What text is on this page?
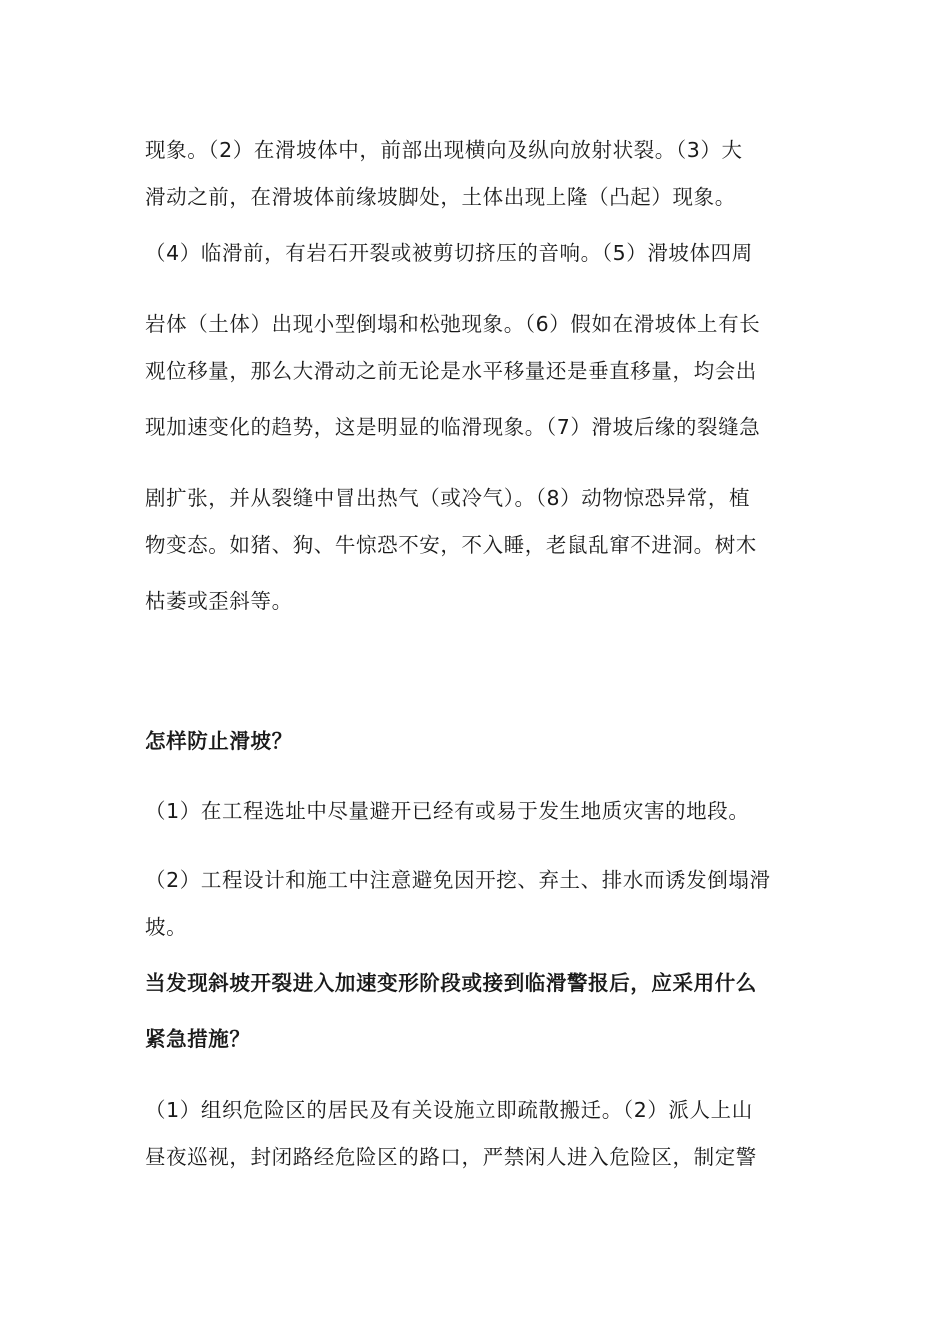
现象。（2）在滑坡体中，前部出现横向及纵向放射状裂。（3）大
滑动之前，在滑坡体前缘坡脚处，土体出现上隆（凸起）现象。
（4）临滑前，有岩石开裂或被剪切挤压的音响。（5）滑坡体四周
岩体（土体）出现小型倒塌和松弛现象。（6）假如在滑坡体上有长
观位移量，那么大滑动之前无论是水平移量还是垂直移量，均会出
现加速变化的趋势，这是明显的临滑现象。（7）滑坡后缘的裂缝急
剧扩张，并从裂缝中冒出热气（或冷气）。（8）动物惊恐异常，植
物变态。如猪、狗、牛惊恐不安，不入睡，老鼠乱窜不进洞。树木
枯萎或歪斜等。
怎样防止滑坡？
（1）在工程选址中尽量避开已经有或易于发生地质灾害的地段。
（2）工程设计和施工中注意避免因开挖、弃土、排水而诱发倒塌滑
坡。
当发现斜坡开裂进入加速变形阶段或接到临滑警报后，应采用什么
紧急措施？
（1）组织危险区的居民及有关设施立即疏散搬迁。（2）派人上山
昼夜巡视，封闭路经危险区的路口，严禁闲人进入危险区，制定警
